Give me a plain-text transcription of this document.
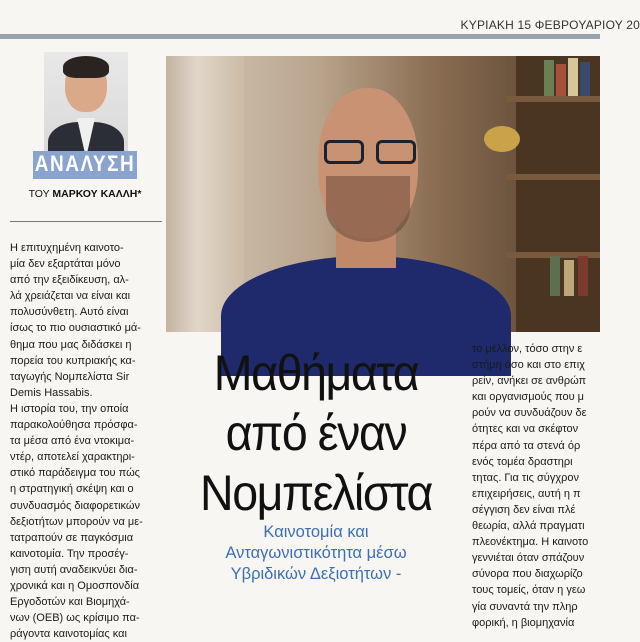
ΚΥΡΙΑΚΗ 15 ΦΕΒΡΟΥΑΡΙΟΥ 20
ΑΝΑΛΥΣΗ
ΤΟΥ ΜΑΡΚΟΥ ΚΑΛΛΗ*
Η επιτυχημένη καινοτο-
μία δεν εξαρτάται μόνο
από την εξειδίκευση, αλ-
λά χρειάζεται να είναι και
πολυσύνθετη. Αυτό είναι
ίσως το πιο ουσιαστικό μά-
θημα που μας διδάσκει η
πορεία του κυπριακής κα-
ταγωγής Νομπελίστα Sir
Demis Hassabis.
Η ιστορία του, την οποία
παρακολούθησα πρόσφα-
τα μέσα από ένα ντοκιμα-
ντέρ, αποτελεί χαρακτηρι-
στικό παράδειγμα του πώς
η στρατηγική σκέψη και ο
συνδυασμός διαφορετικών
δεξιοτήτων μπορούν να με-
τατραπούν σε παγκόσμια
καινοτομία. Την προσέγ-
γιση αυτή αναδεικνύει δια-
χρονικά και η Ομοσπονδία
Εργοδοτών και Βιομηχά-
νων (ΟΕΒ) ως κρίσιμο πα-
ράγοντα καινοτομίας και
Μαθήματα
από έναν
Νομπελίστα
Καινοτομία και
Ανταγωνιστικότητα μέσω
Υβριδικών Δεξιοτήτων -
το μέλλον, τόσο στην ε
στήμη όσο και στο επιχ
ρείν, ανήκει σε ανθρώπ
και οργανισμούς που μ
ρούν να συνδυάζουν δε
ότητες και να σκέφτον
πέρα από τα στενά όρ
ενός τομέα δραστηρι
τητας. Για τις σύγχρον
επιχειρήσεις, αυτή η π
σέγγιση δεν είναι πλέ
θεωρία, αλλά πραγματι
πλεονέκτημα. Η καινοτο
γεννιέται όταν σπάζουν
σύνορα που διαχωρίζο
τους τομείς, όταν η γεω
γία συναντά την πληρ
φορική, η βιομηχανία
